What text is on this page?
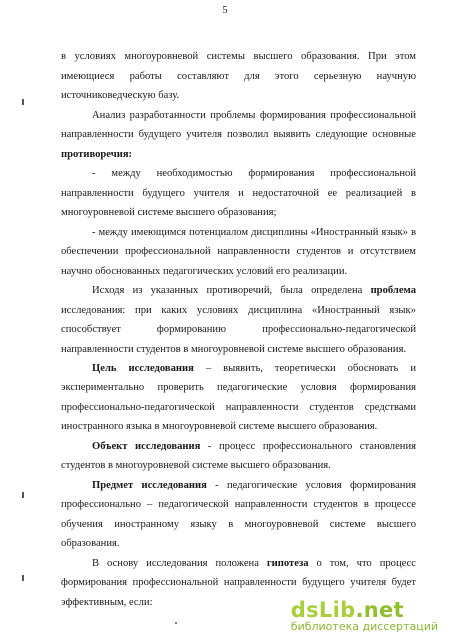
5
в условиях многоуровневой системы высшего образования. При этом
имеющиеся работы составляют для этого серьезную научную
источниковедческую базу.
Анализ разработанности проблемы формирования профессиональной
направленности будущего учителя позволил выявить следующие основные
противоречия:
- между необходимостью формирования профессиональной
направленности будущего учителя и недостаточной ее реализацией в
многоуровневой системе высшего образования;
- между имеющимся потенциалом дисциплины «Иностранный язык» в
обеспечении профессиональной направленности студентов и отсутствием
научно обоснованных педагогических условий его реализации.
Исходя из указанных противоречий, была определена проблема
исследования: при каких условиях дисциплина «Иностранный язык»
способствует формированию профессионально-педагогической
направленности студентов в многоуровневой системе высшего образования.
Цель исследования – выявить, теоретически обосновать и
экспериментально проверить педагогические условия формирования
профессионально-педагогической направленности студентов средствами
иностранного языка в многоуровневой системе высшего образования.
Объект исследования - процесс профессионального становления
студентов в многоуровневой системе высшего образования.
Предмет исследования - педагогические условия формирования
профессионально – педагогической направленности студентов в процессе
обучения иностранному языку в многоуровневой системе высшего
образования.
В основу исследования положена гипотеза о том, что процесс
формирования профессиональной направленности будущего учителя будет
эффективным, если:	dsLib.net
библиотека диссертаций
